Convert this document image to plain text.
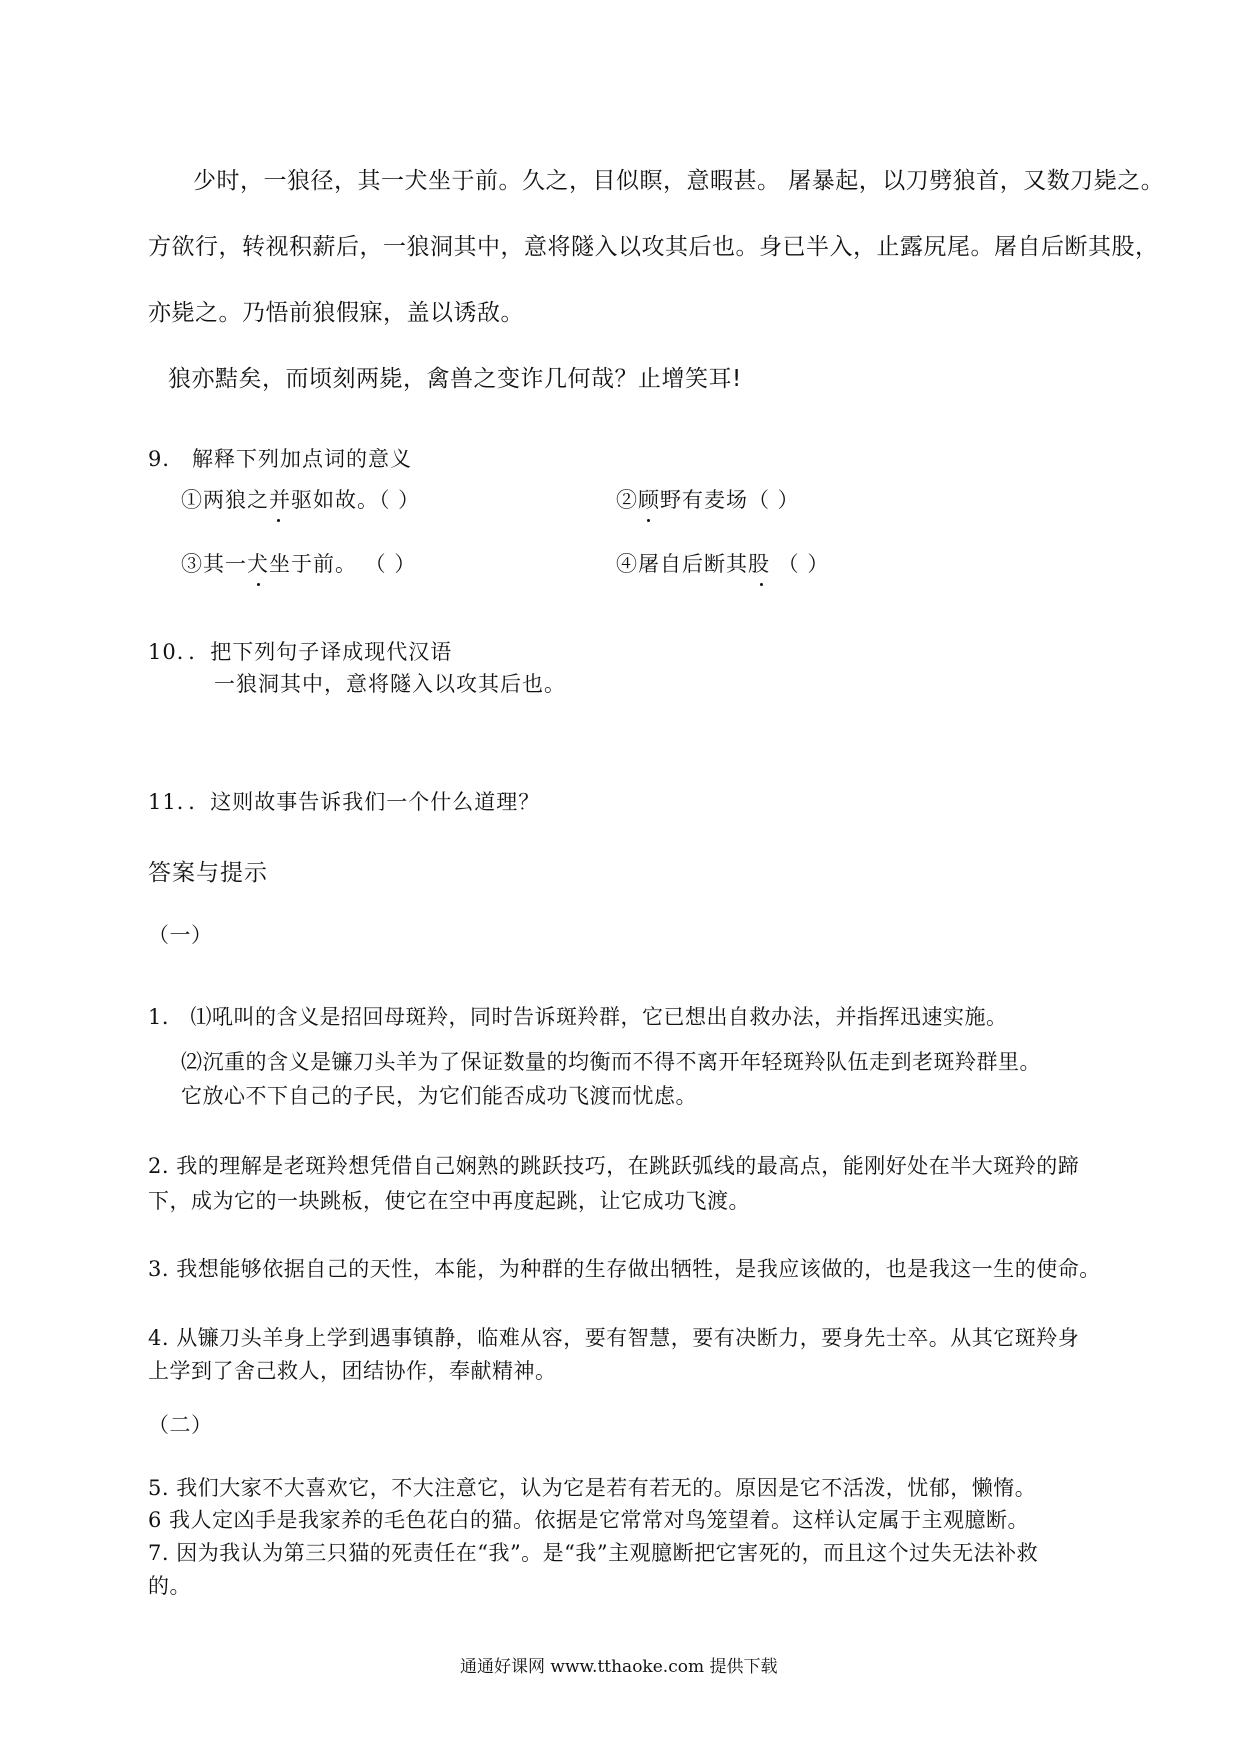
少时，一狼径，其一犬坐于前。久之，目似瞑，意暇甚。 屠暴起，以刀劈狼首，又数刀毙之。
方欲行，转视积薪后，一狼洞其中，意将隧入以攻其后也。身已半入，止露尻尾。屠自后断其股，
亦毙之。乃悟前狼假寐，盖以诱敌。
狼亦黠矣，而顷刻两毙，禽兽之变诈几何哉？止增笑耳!
9． 解释下列加点词的意义
①两狼之并驱如故。（ ）	②顾野有麦场（ ）
③其一犬坐于前。 （ ）	④屠自后断其股 （ ）
10．．把下列句子译成现代汉语
一狼洞其中，意将隧入以攻其后也。
11．．这则故事告诉我们一个什么道理？
答案与提示
（一）
1． ⑴吼叫的含义是招回母斑羚，同时告诉斑羚群，它已想出自救办法，并指挥迅速实施。
⑵沉重的含义是镰刀头羊为了保证数量的均衡而不得不离开年轻斑羚队伍走到老斑羚群里。
它放心不下自己的子民，为它们能否成功飞渡而忧虑。
2. 我的理解是老斑羚想凭借自己娴熟的跳跃技巧，在跳跃弧线的最高点，能刚好处在半大斑羚的蹄
下，成为它的一块跳板，使它在空中再度起跳，让它成功飞渡。
3. 我想能够依据自己的天性，本能，为种群的生存做出牺牲，是我应该做的，也是我这一生的使命。
4. 从镰刀头羊身上学到遇事镇静，临难从容，要有智慧，要有决断力，要身先士卒。从其它斑羚身
上学到了舍己救人，团结协作，奉献精神。
（二）
5. 我们大家不大喜欢它，不大注意它，认为它是若有若无的。原因是它不活泼，忧郁，懒惰。
6 我人定凶手是我家养的毛色花白的猫。依据是它常常对鸟笼望着。这样认定属于主观臆断。
7. 因为我认为第三只猫的死责任在“我”。是“我”主观臆断把它害死的，而且这个过失无法补救
的。
通通好课网 www.tthaoke.com 提供下载
